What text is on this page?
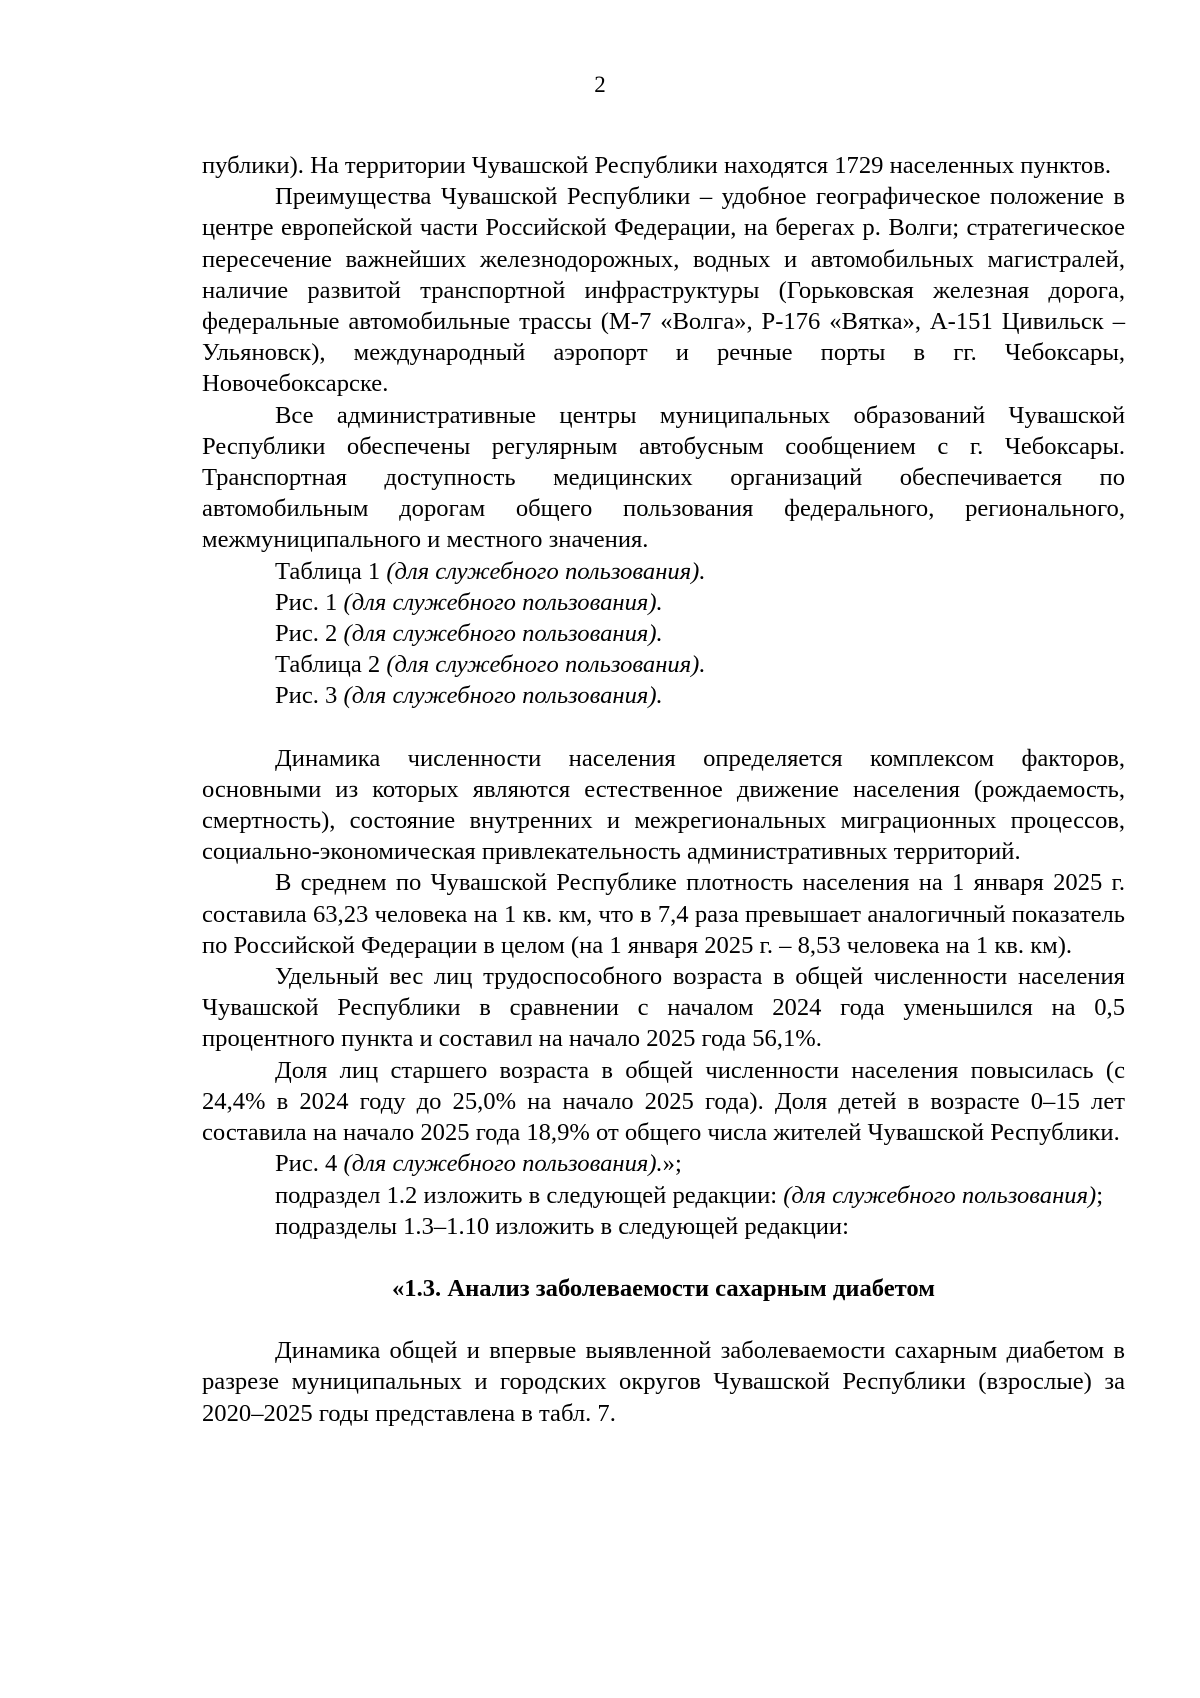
2

публики). На территории Чувашской Республики находятся 1729 населенных пунктов.

Преимущества Чувашской Республики – удобное географическое положение в центре европейской части Российской Федерации, на берегах р. Волги; стратегическое пересечение важнейших железнодорожных, водных и автомобильных магистралей, наличие развитой транспортной инфраструктуры (Горьковская железная дорога, федеральные автомобильные трассы (М-7 «Волга», Р-176 «Вятка», А-151 Цивильск – Ульяновск), международный аэропорт и речные порты в гг. Чебоксары, Новочебоксарске.

Все административные центры муниципальных образований Чувашской Республики обеспечены регулярным автобусным сообщением с г. Чебоксары. Транспортная доступность медицинских организаций обеспечивается по автомобильным дорогам общего пользования федерального, регионального, межмуниципального и местного значения.

Таблица 1 (для служебного пользования).

Рис. 1 (для служебного пользования).

Рис. 2 (для служебного пользования).

Таблица 2 (для служебного пользования).

Рис. 3 (для служебного пользования).

Динамика численности населения определяется комплексом факторов, основными из которых являются естественное движение населения (рождаемость, смертность), состояние внутренних и межрегиональных миграционных процессов, социально-экономическая привлекательность административных территорий.

В среднем по Чувашской Республике плотность населения на 1 января 2025 г. составила 63,23 человека на 1 кв. км, что в 7,4 раза превышает аналогичный показатель по Российской Федерации в целом (на 1 января 2025 г. – 8,53 человека на 1 кв. км).

Удельный вес лиц трудоспособного возраста в общей численности населения Чувашской Республики в сравнении с началом 2024 года уменьшился на 0,5 процентного пункта и составил на начало 2025 года 56,1%.

Доля лиц старшего возраста в общей численности населения повысилась (с 24,4% в 2024 году до 25,0% на начало 2025 года). Доля детей в возрасте 0–15 лет составила на начало 2025 года 18,9% от общего числа жителей Чувашской Республики.

Рис. 4 (для служебного пользования).»;

подраздел 1.2 изложить в следующей редакции: (для служебного пользования);

подразделы 1.3–1.10 изложить в следующей редакции:

«1.3. Анализ заболеваемости сахарным диабетом

Динамика общей и впервые выявленной заболеваемости сахарным диабетом в разрезе муниципальных и городских округов Чувашской Республики (взрослые) за 2020–2025 годы представлена в табл. 7.
